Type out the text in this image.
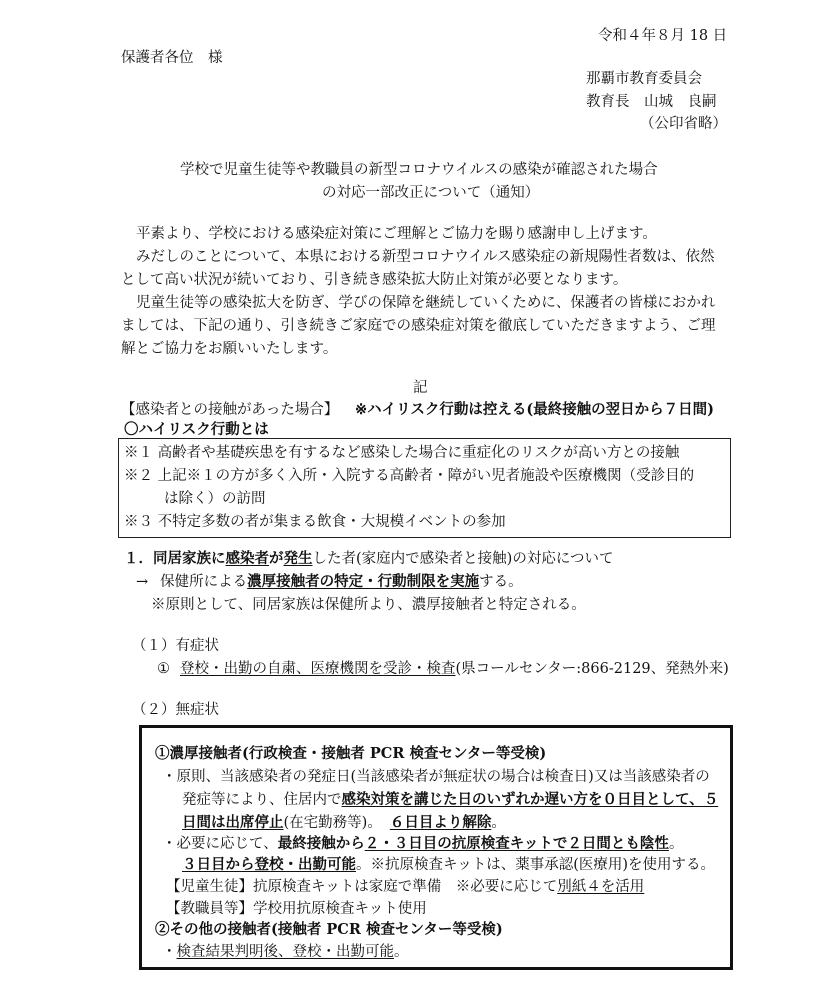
令和４年８月 18 日
保護者各位　様
那覇市教育委員会
教育長　山城　良嗣
（公印省略）
学校で児童生徒等や教職員の新型コロナウイルスの感染が確認された場合
の対応一部改正について（通知）
平素より、学校における感染症対策にご理解とご協力を賜り感謝申し上げます。
みだしのことについて、本県における新型コロナウイルス感染症の新規陽性者数は、依然
として高い状況が続いており、引き続き感染拡大防止対策が必要となります。
児童生徒等の感染拡大を防ぎ、学びの保障を継続していくために、保護者の皆様におかれ
ましては、下記の通り、引き続きご家庭での感染症対策を徹底していただきますよう、ご理
解とご協力をお願いいたします。
記
【感染者との接触があった場合】 ※ハイリスク行動は控える(最終接触の翌日から７日間)
〇ハイリスク行動とは
※１ 高齢者や基礎疾患を有するなど感染した場合に重症化のリスクが高い方との接触
※２ 上記※１の方が多く入所・入院する高齢者・障がい児者施設や医療機関（受診目的
は除く）の訪問
※３ 不特定多数の者が集まる飲食・大規模イベントの参加
１．同居家族に感染者が発生した者(家庭内で感染者と接触)の対応について
→ 保健所による濃厚接触者の特定・行動制限を実施する。
※原則として、同居家族は保健所より、濃厚接触者と特定される。
（１）有症状
① 登校・出勤の自粛、医療機関を受診・検査(県コールセンター:866-2129、発熱外来)
（２）無症状
①濃厚接触者(行政検査・接触者 PCR 検査センター等受検)
・原則、当該感染者の発症日(当該感染者が無症状の場合は検査日)又は当該感染者の
発症等により、住居内で感染対策を講じた日のいずれか遅い方を０日目として、５
日間は出席停止(在宅勤務等)。 ６日目より解除。
・必要に応じて、最終接触から２・３日目の抗原検査キットで２日間とも陰性。
３日目から登校・出勤可能。※抗原検査キットは、薬事承認(医療用)を使用する。
【児童生徒】抗原検査キットは家庭で準備　※必要に応じて別紙４を活用
【教職員等】学校用抗原検査キット使用
②その他の接触者(接触者 PCR 検査センター等受検)
・検査結果判明後、登校・出勤可能。
